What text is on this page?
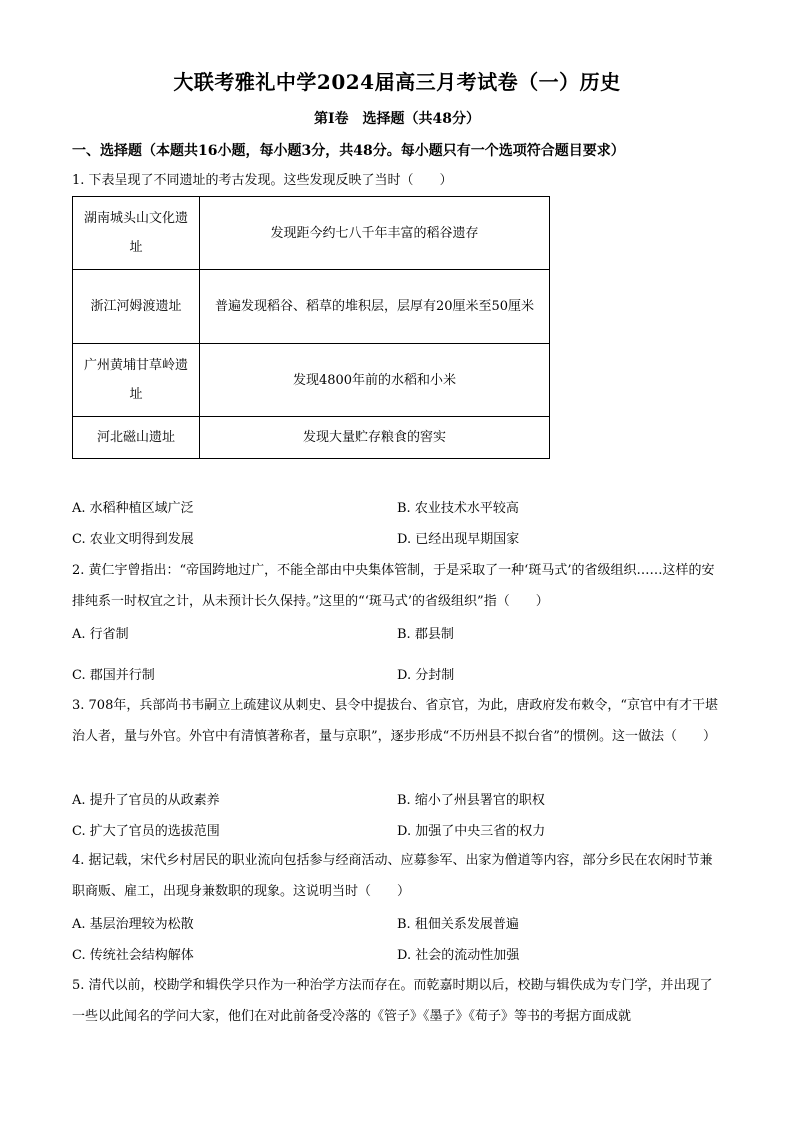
大联考雅礼中学2024届高三月考试卷（一）历史
第Ⅰ卷　选择题（共48分）
一、选择题（本题共16小题，每小题3分，共48分。每小题只有一个选项符合题目要求）
1. 下表呈现了不同遗址的考古发现。这些发现反映了当时（　　）
湖南城头山文化遗址	发现距今约七八千年丰富的稻谷遗存
浙江河姆渡遗址	普遍发现稻谷、稻草的堆积层，层厚有20厘米至50厘米
广州黄埔甘草岭遗址	发现4800年前的水稻和小米
河北磁山遗址	发现大量贮存粮食的窖实
A. 水稻种植区域广泛	B. 农业技术水平较高
C. 农业文明得到发展	D. 已经出现早期国家
2. 黄仁宇曾指出：“帝国跨地过广，不能全部由中央集体管制，于是采取了一种‘斑马式’的省级组织……这样的安排纯系一时权宜之计，从未预计长久保持。”这里的“‘斑马式’的省级组织”指（　　）
A. 行省制	B. 郡县制
C. 郡国并行制	D. 分封制
3. 708年，兵部尚书韦嗣立上疏建议从刺史、县令中提拔台、省京官，为此，唐政府发布敕令，“京官中有才干堪治人者，量与外官。外官中有清慎著称者，量与京职”，逐步形成“不历州县不拟台省”的惯例。这一做法（　　）
A. 提升了官员的从政素养	B. 缩小了州县署官的职权
C. 扩大了官员的选拔范围	D. 加强了中央三省的权力
4. 据记载，宋代乡村居民的职业流向包括参与经商活动、应募参军、出家为僧道等内容，部分乡民在农闲时节兼职商贩、雇工，出现身兼数职的现象。这说明当时（　　）
A. 基层治理较为松散	B. 租佃关系发展普遍
C. 传统社会结构解体	D. 社会的流动性加强
5. 清代以前，校勘学和辑佚学只作为一种治学方法而存在。而乾嘉时期以后，校勘与辑佚成为专门学，并出现了一些以此闻名的学问大家，他们在对此前备受冷落的《管子》《墨子》《荀子》等书的考据方面成就
